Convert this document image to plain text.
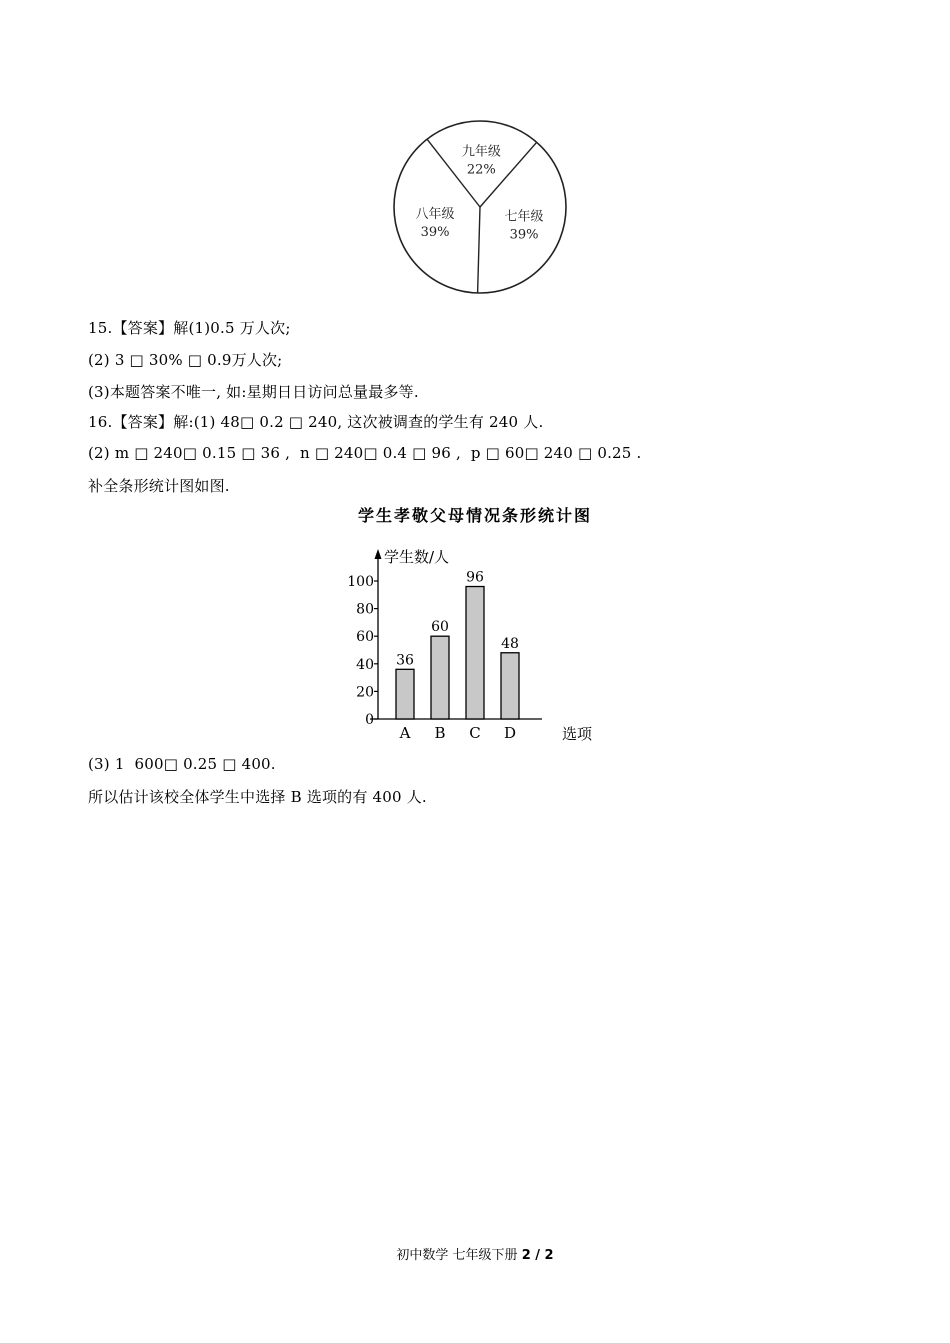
九年级
22%
七年级
39%
八年级
39%
15.【答案】解(1)0.5 万人次;
(2) 3 □ 30% □ 0.9万人次;
(3)本题答案不唯一, 如:星期日日访问总量最多等.
16.【答案】解:(1) 48□ 0.2 □ 240, 这次被调查的学生有 240 人.
(2) m □ 240□ 0.15 □ 36 ,  n □ 240□ 0.4 □ 96 ,  p □ 60□ 240 □ 0.25 .
补全条形统计图如图.
学生孝敬父母情况条形统计图
学生数/人
选项
0
20
40
60
80
100
36
A
60
B
96
C
48
D
(3) 1  600□ 0.25 □ 400.
所以估计该校全体学生中选择 B 选项的有 400 人.
初中数学 七年级下册 2 / 2
